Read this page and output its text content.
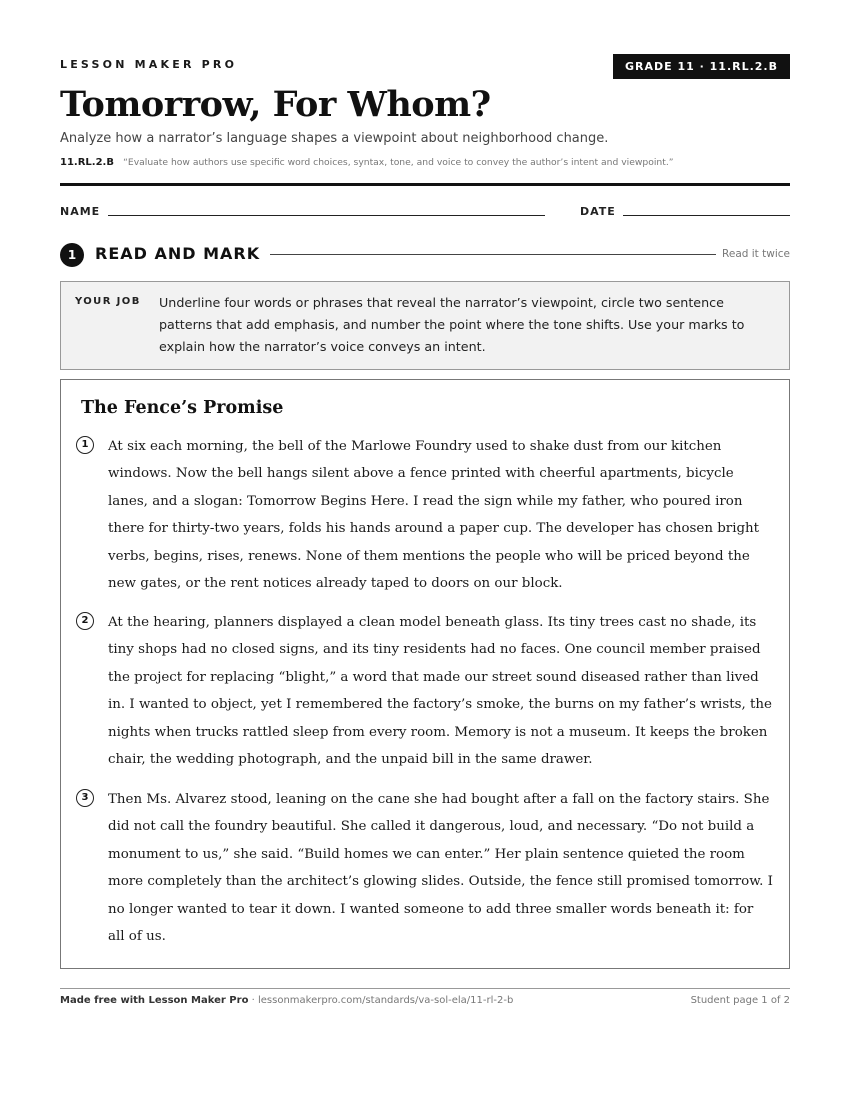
LESSON MAKER PRO	GRADE 11 · 11.RL.2.B
Tomorrow, For Whom?
Analyze how a narrator’s language shapes a viewpoint about neighborhood change.
11.RL.2.B “Evaluate how authors use specific word choices, syntax, tone, and voice to convey the author’s intent and viewpoint.”
NAME	DATE
1	READ AND MARK	Read it twice
YOUR JOB Underline four words or phrases that reveal the narrator’s viewpoint, circle two sentence patterns that add emphasis, and number the point where the tone shifts. Use your marks to explain how the narrator’s voice conveys an intent.
The Fence’s Promise
1	At six each morning, the bell of the Marlowe Foundry used to shake dust from our kitchen windows. Now the bell hangs silent above a fence printed with cheerful apartments, bicycle lanes, and a slogan: Tomorrow Begins Here. I read the sign while my father, who poured iron there for thirty-two years, folds his hands around a paper cup. The developer has chosen bright verbs, begins, rises, renews. None of them mentions the people who will be priced beyond the new gates, or the rent notices already taped to doors on our block.
2	At the hearing, planners displayed a clean model beneath glass. Its tiny trees cast no shade, its tiny shops had no closed signs, and its tiny residents had no faces. One council member praised the project for replacing “blight,” a word that made our street sound diseased rather than lived in. I wanted to object, yet I remembered the factory’s smoke, the burns on my father’s wrists, the nights when trucks rattled sleep from every room. Memory is not a museum. It keeps the broken chair, the wedding photograph, and the unpaid bill in the same drawer.
3	Then Ms. Alvarez stood, leaning on the cane she had bought after a fall on the factory stairs. She did not call the foundry beautiful. She called it dangerous, loud, and necessary. “Do not build a monument to us,” she said. “Build homes we can enter.” Her plain sentence quieted the room more completely than the architect’s glowing slides. Outside, the fence still promised tomorrow. I no longer wanted to tear it down. I wanted someone to add three smaller words beneath it: for all of us.
Made free with Lesson Maker Pro · lessonmakerpro.com/standards/va-sol-ela/11-rl-2-b	Student page 1 of 2
